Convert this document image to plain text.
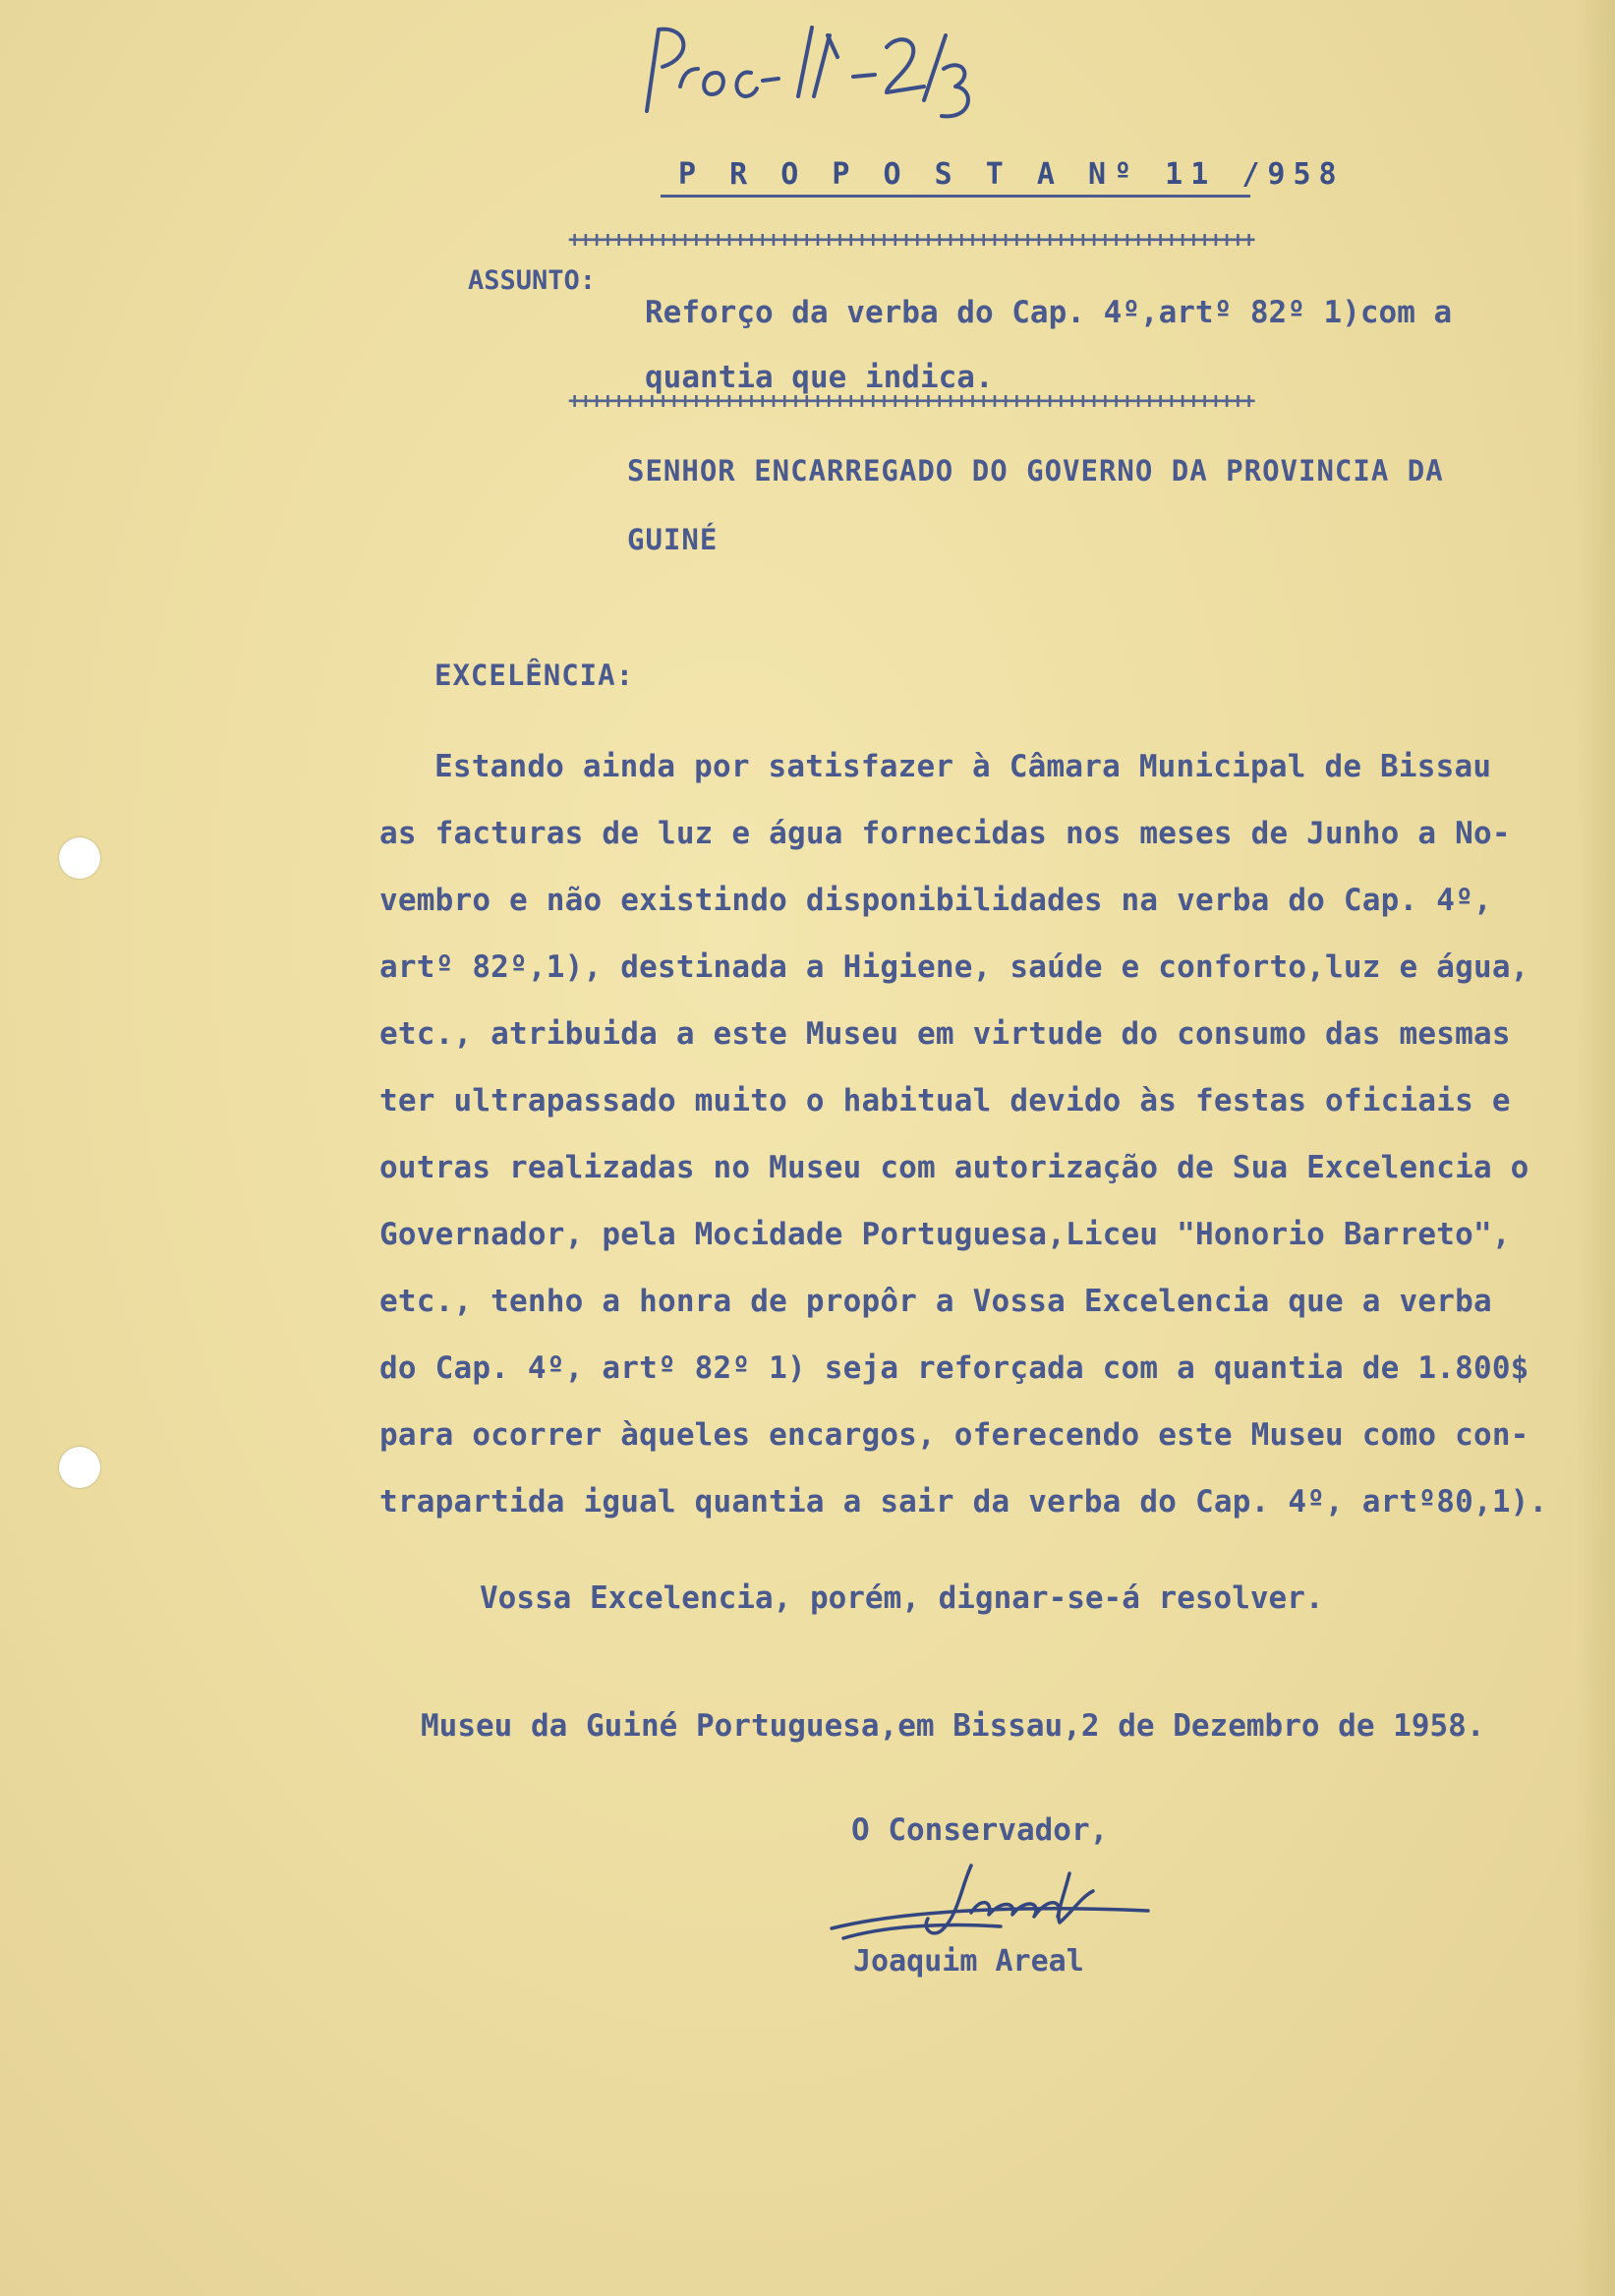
P R O P O S T A Nº 11 /958
++++++++++++++++++++++++++++++++++++++++++++++++++++++++++++++
ASSUNTO:
Reforço da verba do Cap. 4º,artº 82º 1)com a
quantia que indica.
++++++++++++++++++++++++++++++++++++++++++++++++++++++++++++++
SENHOR ENCARREGADO DO GOVERNO DA PROVINCIA DA
GUINÉ
EXCELÊNCIA:
Estando ainda por satisfazer à Câmara Municipal de Bissau
as facturas de luz e água fornecidas nos meses de Junho a No-
vembro e não existindo disponibilidades na verba do Cap. 4º,
artº 82º,1), destinada a Higiene, saúde e conforto,luz e água,
etc., atribuida a este Museu em virtude do consumo das mesmas
ter ultrapassado muito o habitual devido às festas oficiais e
outras realizadas no Museu com autorização de Sua Excelencia o
Governador, pela Mocidade Portuguesa,Liceu "Honorio Barreto",
etc., tenho a honra de propôr a Vossa Excelencia que a verba
do Cap. 4º, artº 82º 1) seja reforçada com a quantia de 1.800$
para ocorrer àqueles encargos, oferecendo este Museu como con-
trapartida igual quantia a sair da verba do Cap. 4º, artº80,1).
Vossa Excelencia, porém, dignar-se-á resolver.
Museu da Guiné Portuguesa,em Bissau,2 de Dezembro de 1958.
O Conservador,
Joaquim Areal
